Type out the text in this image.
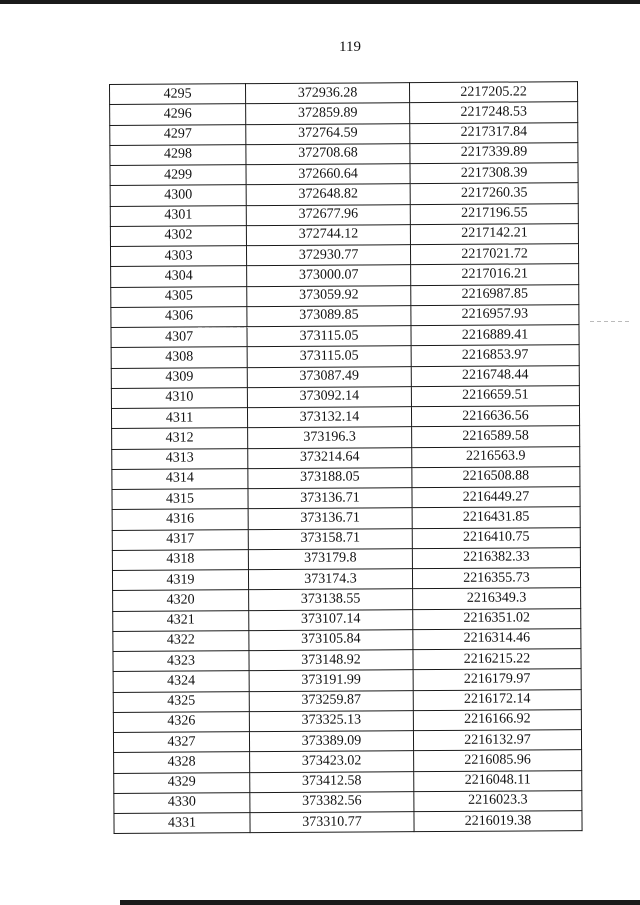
119
4295	372936.28	2217205.22
4296	372859.89	2217248.53
4297	372764.59	2217317.84
4298	372708.68	2217339.89
4299	372660.64	2217308.39
4300	372648.82	2217260.35
4301	372677.96	2217196.55
4302	372744.12	2217142.21
4303	372930.77	2217021.72
4304	373000.07	2217016.21
4305	373059.92	2216987.85
4306	373089.85	2216957.93
4307	373115.05	2216889.41
4308	373115.05	2216853.97
4309	373087.49	2216748.44
4310	373092.14	2216659.51
4311	373132.14	2216636.56
4312	373196.3	2216589.58
4313	373214.64	2216563.9
4314	373188.05	2216508.88
4315	373136.71	2216449.27
4316	373136.71	2216431.85
4317	373158.71	2216410.75
4318	373179.8	2216382.33
4319	373174.3	2216355.73
4320	373138.55	2216349.3
4321	373107.14	2216351.02
4322	373105.84	2216314.46
4323	373148.92	2216215.22
4324	373191.99	2216179.97
4325	373259.87	2216172.14
4326	373325.13	2216166.92
4327	373389.09	2216132.97
4328	373423.02	2216085.96
4329	373412.58	2216048.11
4330	373382.56	2216023.3
4331	373310.77	2216019.38
